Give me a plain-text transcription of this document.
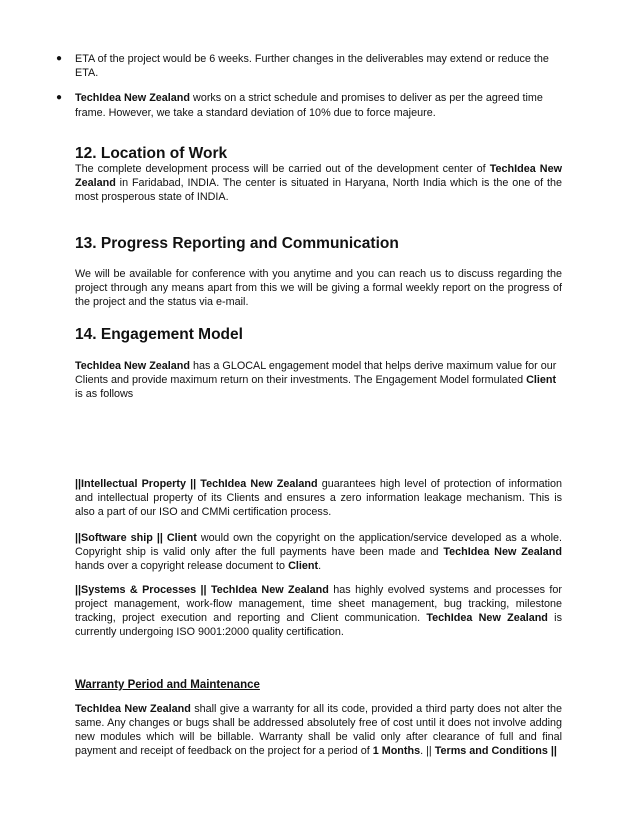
● ETA of the project would be 6 weeks. Further changes in the deliverables may extend or reduce the ETA.

● TechIdea New Zealand works on a strict schedule and promises to deliver as per the agreed time frame. However, we take a standard deviation of 10% due to force majeure.

12. Location of Work

The complete development process will be carried out of the development center of TechIdea New Zealand in Faridabad, INDIA. The center is situated in Haryana, North India which is the one of the most prosperous state of INDIA.

13. Progress Reporting and Communication

We will be available for conference with you anytime and you can reach us to discuss regarding the project through any means apart from this we will be giving a formal weekly report on the progress of the project and the status via e-mail.

14. Engagement Model

TechIdea New Zealand has a GLOCAL engagement model that helps derive maximum value for our Clients and provide maximum return on their investments. The Engagement Model formulated Client is as follows

||Intellectual Property || TechIdea New Zealand guarantees high level of protection of information and intellectual property of its Clients and ensures a zero information leakage mechanism. This is also a part of our ISO and CMMi certification process.

||Software ship || Client would own the copyright on the application/service developed as a whole. Copyright ship is valid only after the full payments have been made and TechIdea New Zealand hands over a copyright release document to Client.

||Systems & Processes || TechIdea New Zealand has highly evolved systems and processes for project management, work-flow management, time sheet management, bug tracking, milestone tracking, project execution and reporting and Client communication. TechIdea New Zealand is currently undergoing ISO 9001:2000 quality certification.

Warranty Period and Maintenance

TechIdea New Zealand shall give a warranty for all its code, provided a third party does not alter the same. Any changes or bugs shall be addressed absolutely free of cost until it does not involve adding new modules which will be billable. Warranty shall be valid only after clearance of full and final payment and receipt of feedback on the project for a period of 1 Months. || Terms and Conditions ||
